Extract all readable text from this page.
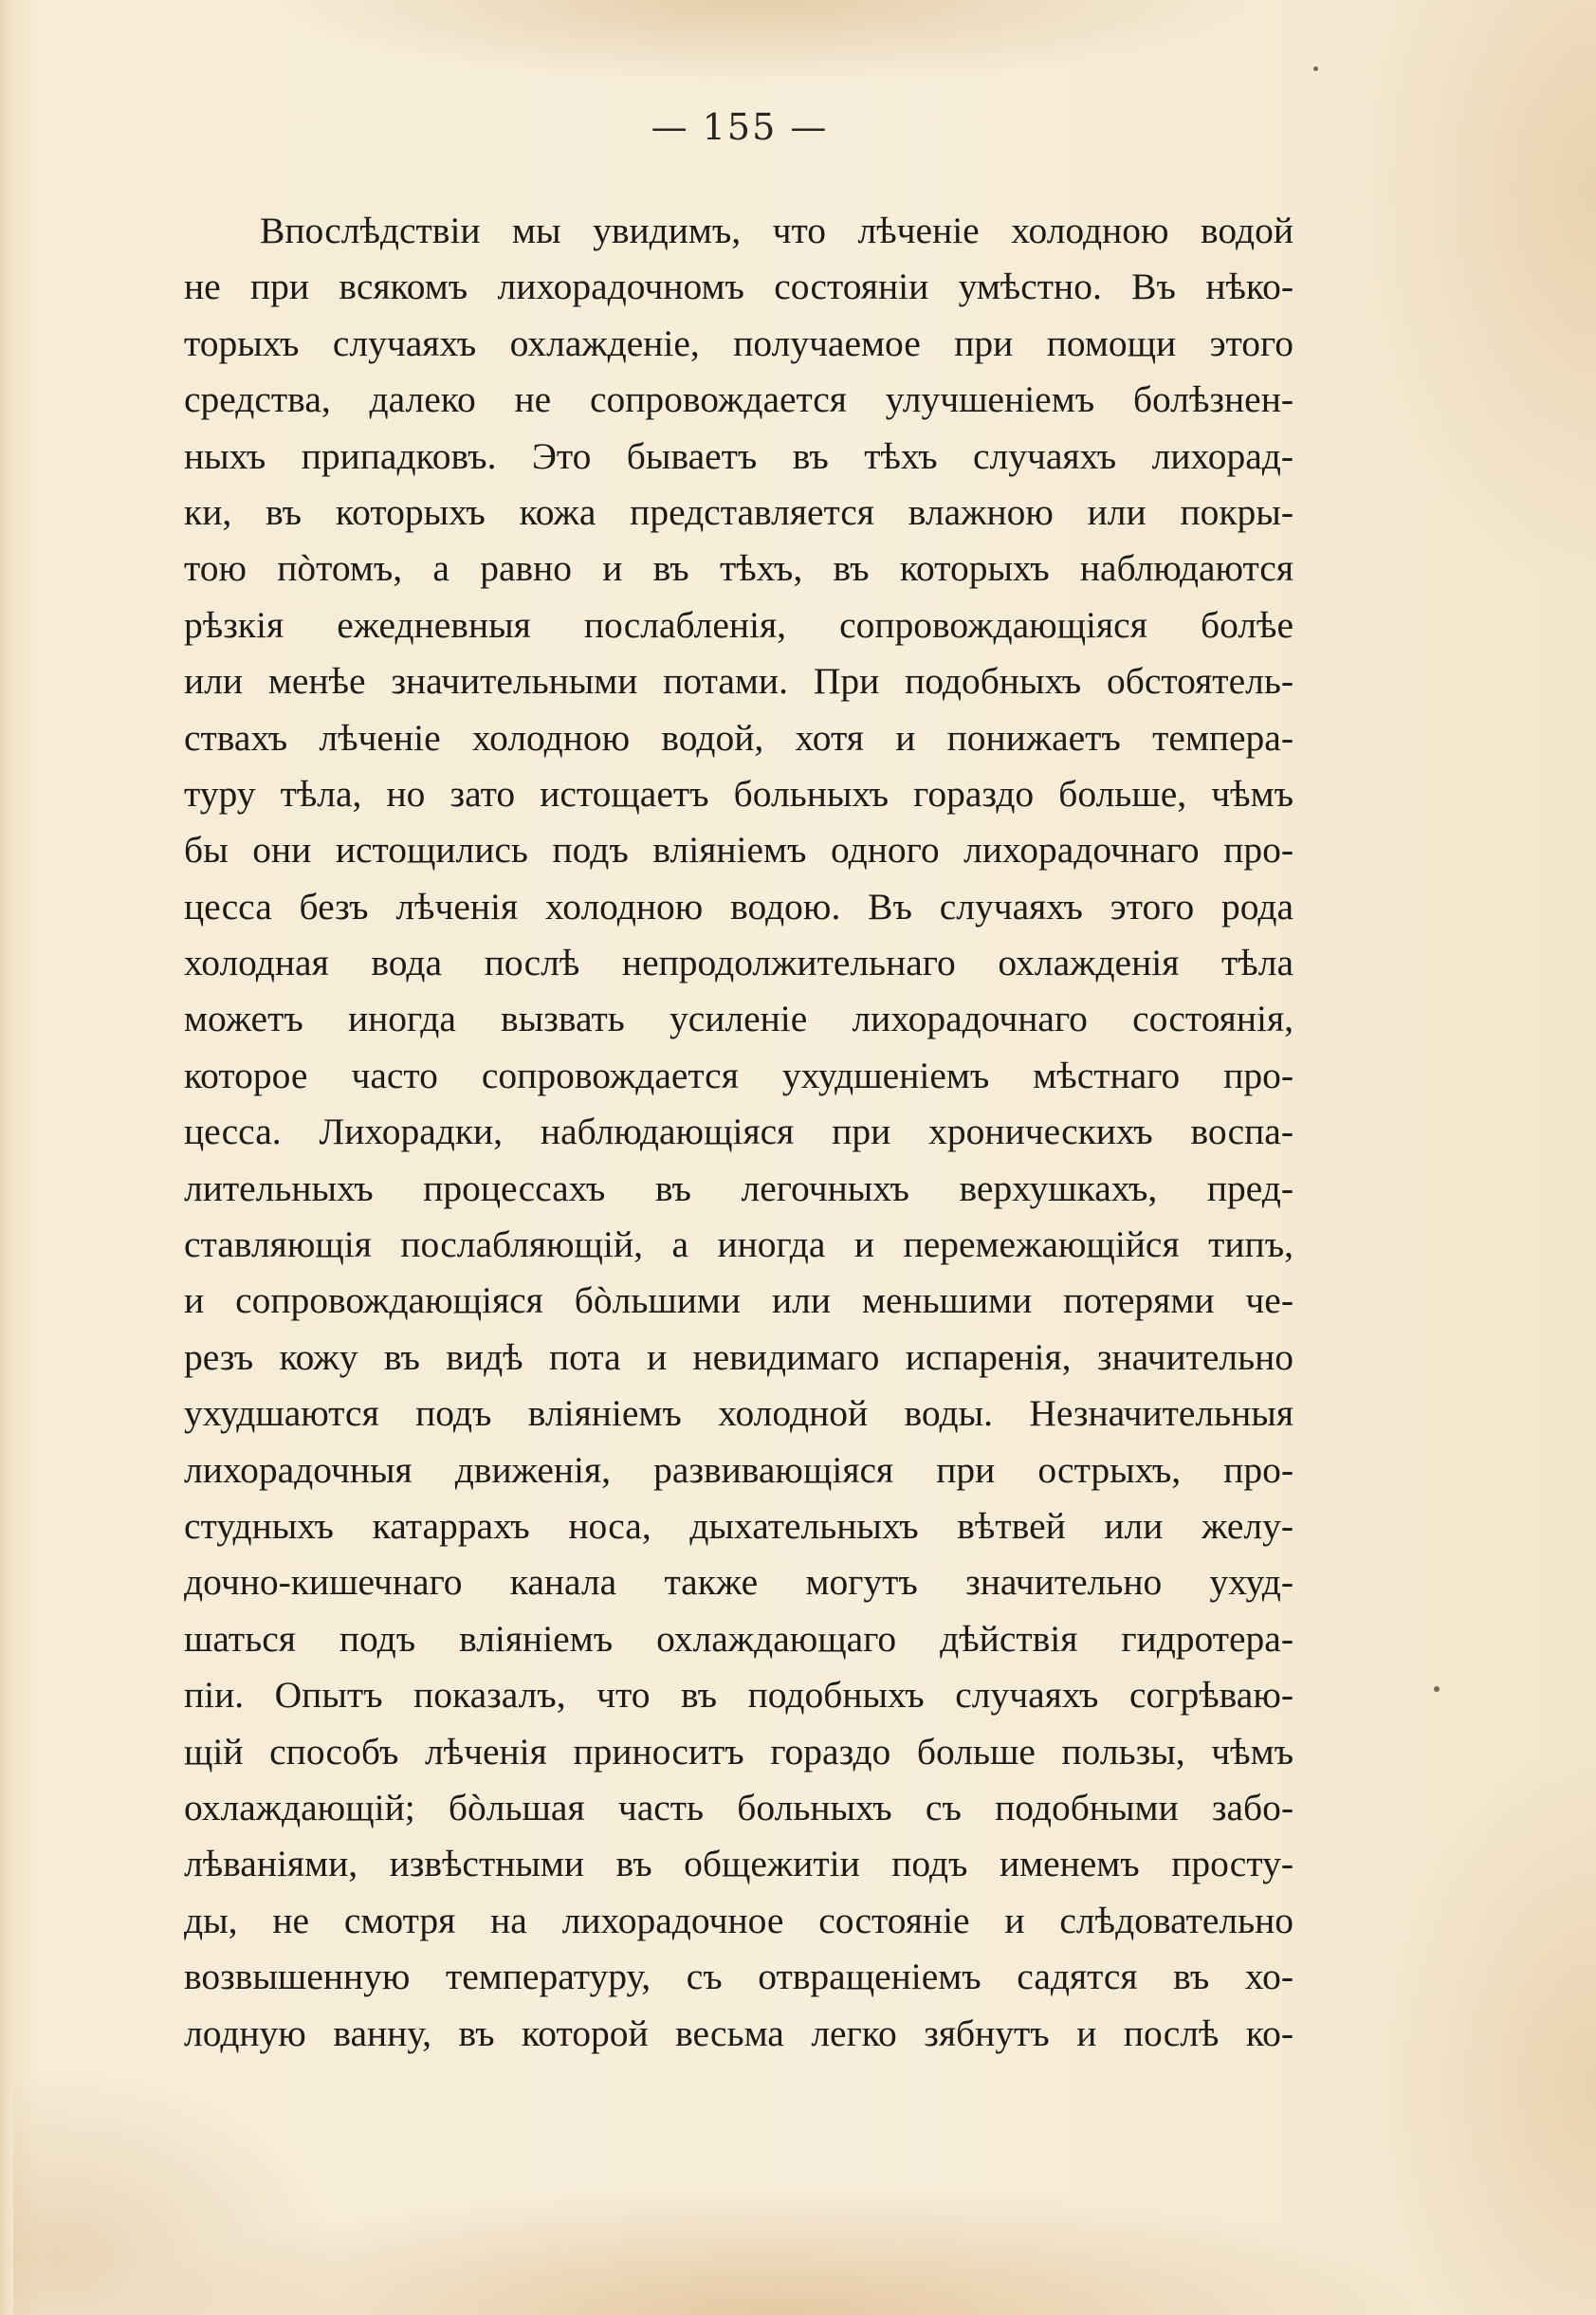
— 155 —
Впослѣдствіи мы увидимъ, что лѣченіе холодною водой
не при всякомъ лихорадочномъ состояніи умѣстно. Въ нѣко-
торыхъ случаяхъ охлажденіе, получаемое при помощи этого
средства, далеко не сопровождается улучшеніемъ болѣзнен-
ныхъ припадковъ. Это бываетъ въ тѣхъ случаяхъ лихорад-
ки, въ которыхъ кожа представляется влажною или покры-
тою пòтомъ, а равно и въ тѣхъ, въ которыхъ наблюдаются
рѣзкія ежедневныя послабленія, сопровождающіяся болѣе
или менѣе значительными потами. При подобныхъ обстоятель-
ствахъ лѣченіе холодною водой, хотя и понижаетъ темпера-
туру тѣла, но зато истощаетъ больныхъ гораздо больше, чѣмъ
бы они истощились подъ вліяніемъ одного лихорадочнаго про-
цесса безъ лѣченія холодною водою. Въ случаяхъ этого рода
холодная вода послѣ непродолжительнаго охлажденія тѣла
можетъ иногда вызвать усиленіе лихорадочнаго состоянія,
которое часто сопровождается ухудшеніемъ мѣстнаго про-
цесса. Лихорадки, наблюдающіяся при хроническихъ воспа-
лительныхъ процессахъ въ легочныхъ верхушкахъ, пред-
ставляющія послабляющій, а иногда и перемежающійся типъ,
и сопровождающіяся бòльшими или меньшими потерями че-
резъ кожу въ видѣ пота и невидимаго испаренія, значительно
ухудшаются подъ вліяніемъ холодной воды. Незначительныя
лихорадочныя движенія, развивающіяся при острыхъ, про-
студныхъ катаррахъ носа, дыхательныхъ вѣтвей или желу-
дочно-кишечнаго канала также могутъ значительно ухуд-
шаться подъ вліяніемъ охлаждающаго дѣйствія гидротера-
піи. Опытъ показалъ, что въ подобныхъ случаяхъ согрѣваю-
щій способъ лѣченія приноситъ гораздо больше пользы, чѣмъ
охлаждающій; бòльшая часть больныхъ съ подобными забо-
лѣваніями, извѣстными въ общежитіи подъ именемъ просту-
ды, не смотря на лихорадочное состояніе и слѣдовательно
возвышенную температуру, съ отвращеніемъ садятся въ хо-
лодную ванну, въ которой весьма легко зябнутъ и послѣ ко-
